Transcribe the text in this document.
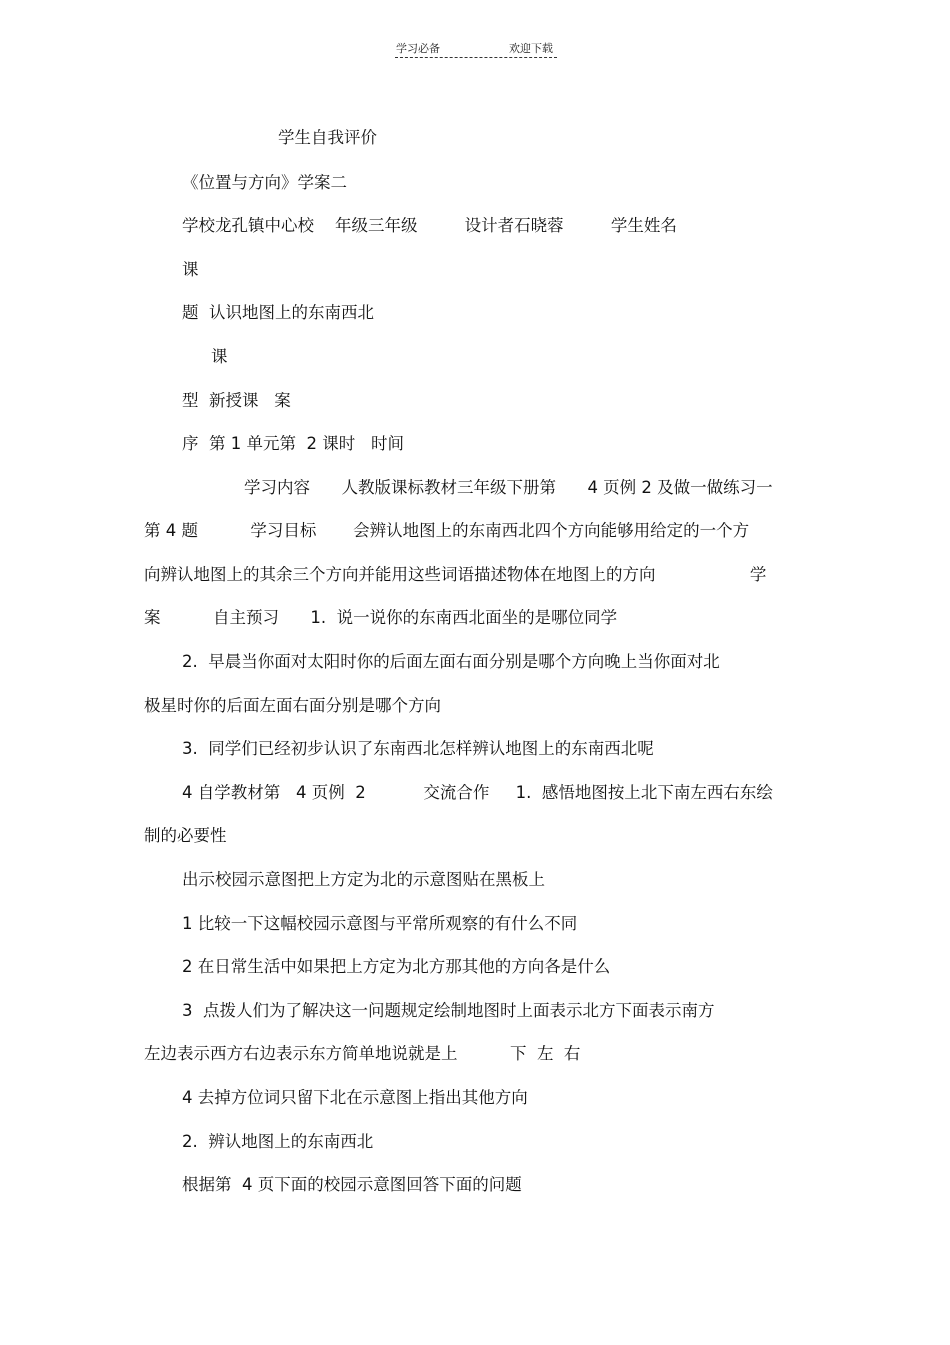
学习必备	欢迎下载
学生自我评价
《位置与方向》学案二
学校龙孔镇中心校    年级三年级         设计者石晓蓉         学生姓名
课
题  认识地图上的东南西北
课
型  新授课   案
序  第 1 单元第  2 课时   时间
学习内容      人教版课标教材三年级下册第      4 页例 2 及做一做练习一
第 4 题          学习目标       会辨认地图上的东南西北四个方向能够用给定的一个方
向辨认地图上的其余三个方向并能用这些词语描述物体在地图上的方向                  学
案          自主预习      1.  说一说你的东南西北面坐的是哪位同学
2.  早晨当你面对太阳时你的后面左面右面分别是哪个方向晚上当你面对北
极星时你的后面左面右面分别是哪个方向
3.  同学们已经初步认识了东南西北怎样辨认地图上的东南西北呢
4 自学教材第   4 页例  2           交流合作     1.  感悟地图按上北下南左西右东绘
制的必要性
出示校园示意图把上方定为北的示意图贴在黑板上
1 比较一下这幅校园示意图与平常所观察的有什么不同
2 在日常生活中如果把上方定为北方那其他的方向各是什么
3  点拨人们为了解决这一问题规定绘制地图时上面表示北方下面表示南方
左边表示西方右边表示东方简单地说就是上          下  左  右
4 去掉方位词只留下北在示意图上指出其他方向
2.  辨认地图上的东南西北
根据第  4 页下面的校园示意图回答下面的问题
